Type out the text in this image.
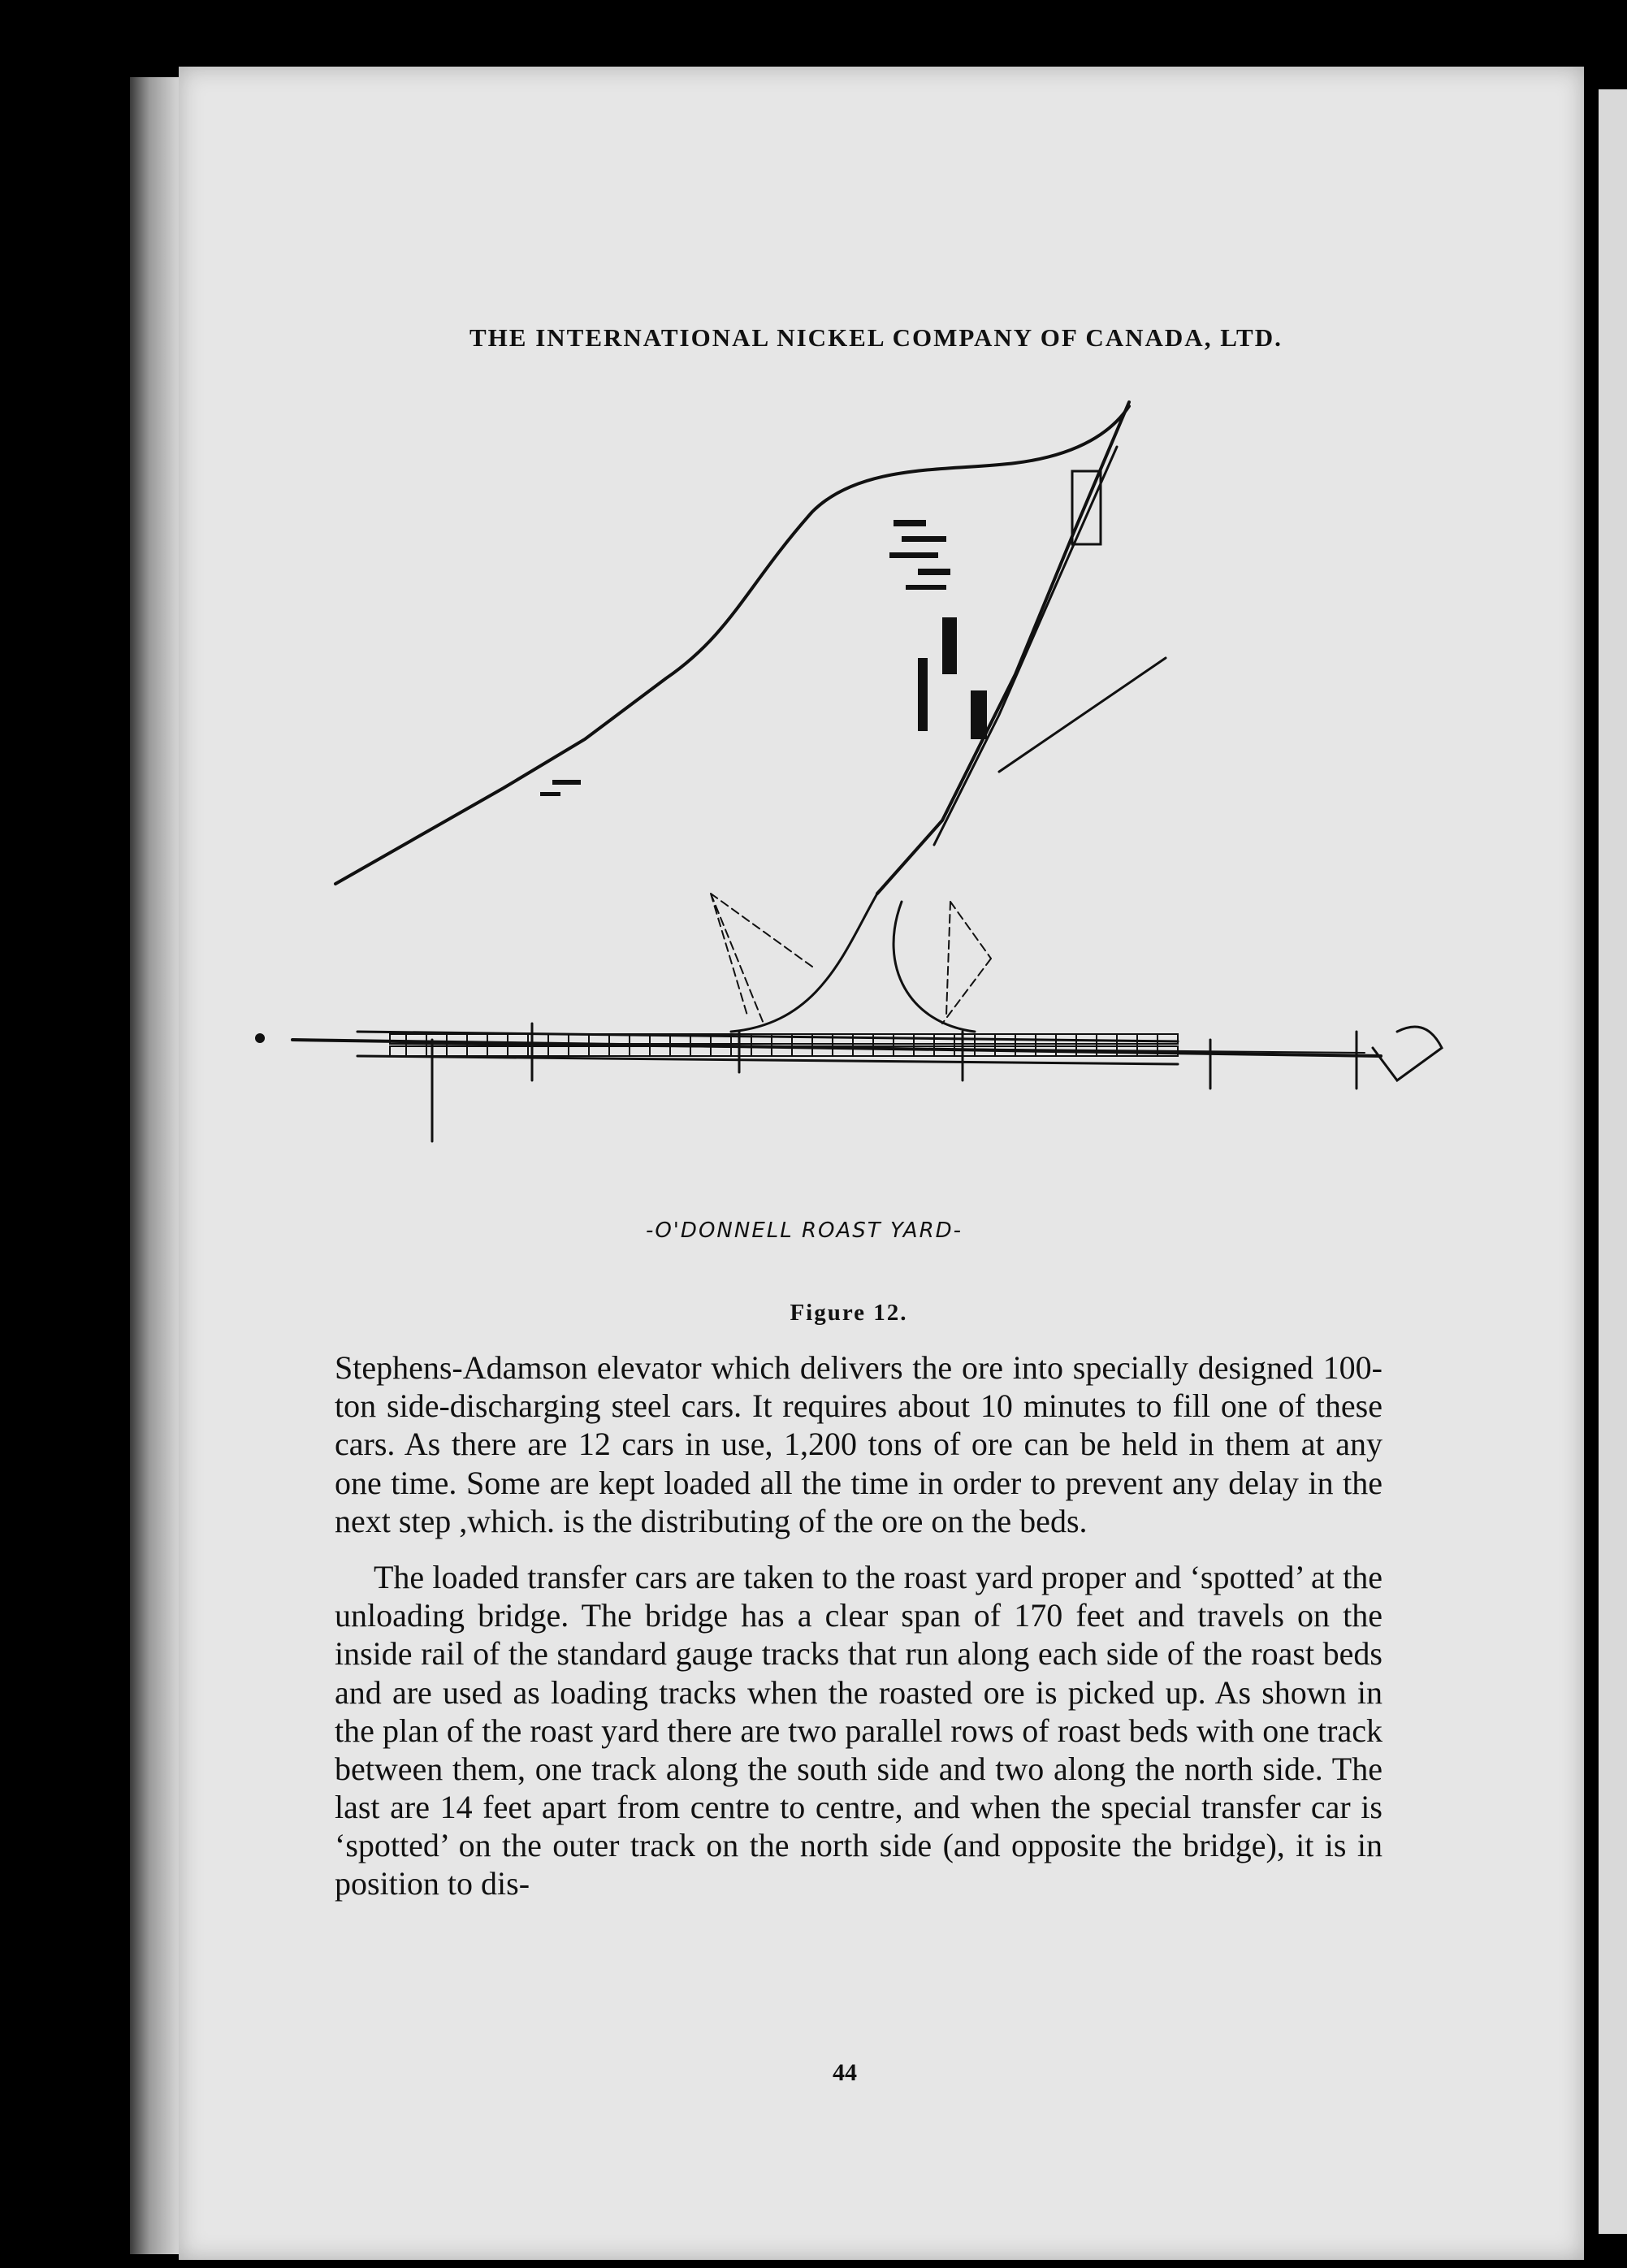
THE INTERNATIONAL NICKEL COMPANY OF CANADA, LTD.
-O'DONNELL ROAST YARD-
Figure 12.

Stephens-Adamson elevator which delivers the ore into specially designed 100-ton side-discharging steel cars. It requires about 10 minutes to fill one of these cars. As there are 12 cars in use, 1,200 tons of ore can be held in them at any one time. Some are kept loaded all the time in order to prevent any delay in the next step ,which. is the distributing of the ore on the beds.

The loaded transfer cars are taken to the roast yard proper and ‘spotted’ at the unloading bridge. The bridge has a clear span of 170 feet and travels on the inside rail of the standard gauge tracks that run along each side of the roast beds and are used as loading tracks when the roasted ore is picked up. As shown in the plan of the roast yard there are two parallel rows of roast beds with one track between them, one track along the south side and two along the north side. The last are 14 feet apart from centre to centre, and when the special transfer car is ‘spotted’ on the outer track on the north side (and opposite the bridge), it is in position to dis-

44
